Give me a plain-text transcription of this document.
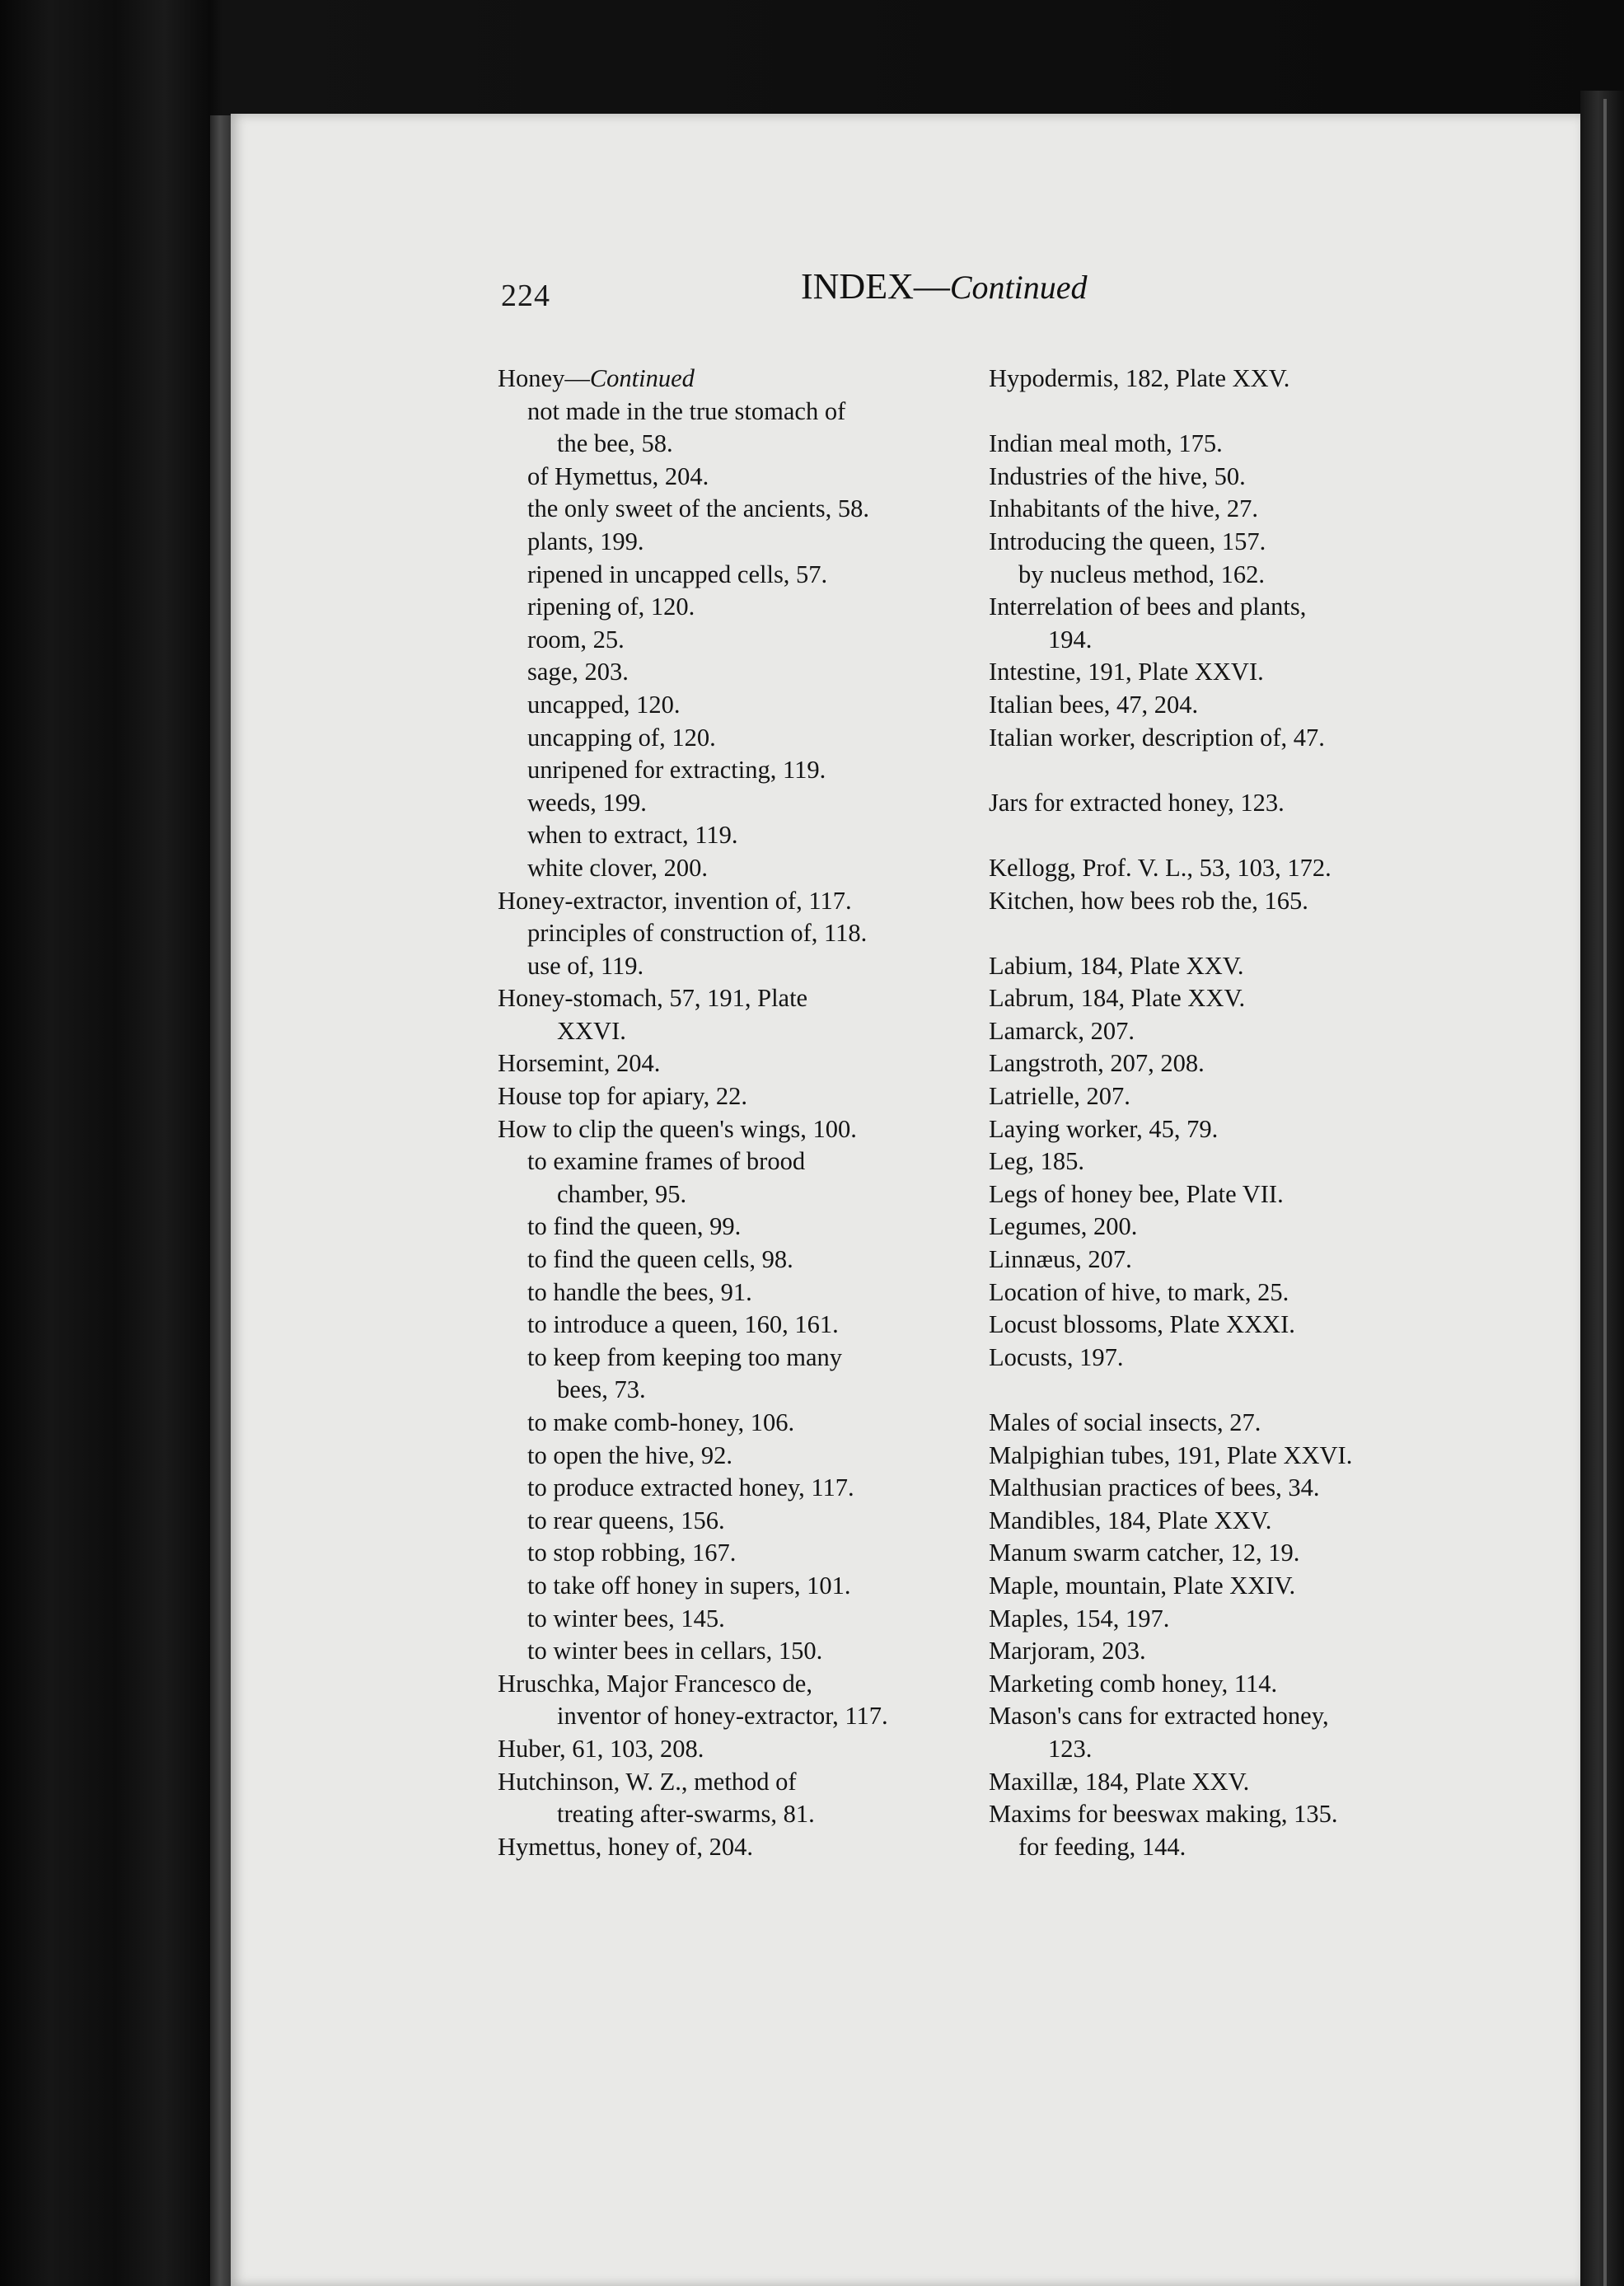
224	INDEX—Continued
Honey—Continued
not made in the true stomach of
the bee, 58.
of Hymettus, 204.
the only sweet of the ancients, 58.
plants, 199.
ripened in uncapped cells, 57.
ripening of, 120.
room, 25.
sage, 203.
uncapped, 120.
uncapping of, 120.
unripened for extracting, 119.
weeds, 199.
when to extract, 119.
white clover, 200.
Honey-extractor, invention of, 117.
principles of construction of, 118.
use of, 119.
Honey-stomach, 57, 191, Plate
XXVI.
Horsemint, 204.
House top for apiary, 22.
How to clip the queen's wings, 100.
to examine frames of brood
chamber, 95.
to find the queen, 99.
to find the queen cells, 98.
to handle the bees, 91.
to introduce a queen, 160, 161.
to keep from keeping too many
bees, 73.
to make comb-honey, 106.
to open the hive, 92.
to produce extracted honey, 117.
to rear queens, 156.
to stop robbing, 167.
to take off honey in supers, 101.
to winter bees, 145.
to winter bees in cellars, 150.
Hruschka, Major Francesco de,
inventor of honey-extractor, 117.
Huber, 61, 103, 208.
Hutchinson, W. Z., method of
treating after-swarms, 81.
Hymettus, honey of, 204.
Hypodermis, 182, Plate XXV.
Indian meal moth, 175.
Industries of the hive, 50.
Inhabitants of the hive, 27.
Introducing the queen, 157.
by nucleus method, 162.
Interrelation of bees and plants,
194.
Intestine, 191, Plate XXVI.
Italian bees, 47, 204.
Italian worker, description of, 47.
Jars for extracted honey, 123.
Kellogg, Prof. V. L., 53, 103, 172.
Kitchen, how bees rob the, 165.
Labium, 184, Plate XXV.
Labrum, 184, Plate XXV.
Lamarck, 207.
Langstroth, 207, 208.
Latrielle, 207.
Laying worker, 45, 79.
Leg, 185.
Legs of honey bee, Plate VII.
Legumes, 200.
Linnæus, 207.
Location of hive, to mark, 25.
Locust blossoms, Plate XXXI.
Locusts, 197.
Males of social insects, 27.
Malpighian tubes, 191, Plate XXVI.
Malthusian practices of bees, 34.
Mandibles, 184, Plate XXV.
Manum swarm catcher, 12, 19.
Maple, mountain, Plate XXIV.
Maples, 154, 197.
Marjoram, 203.
Marketing comb honey, 114.
Mason's cans for extracted honey,
123.
Maxillæ, 184, Plate XXV.
Maxims for beeswax making, 135.
for feeding, 144.
